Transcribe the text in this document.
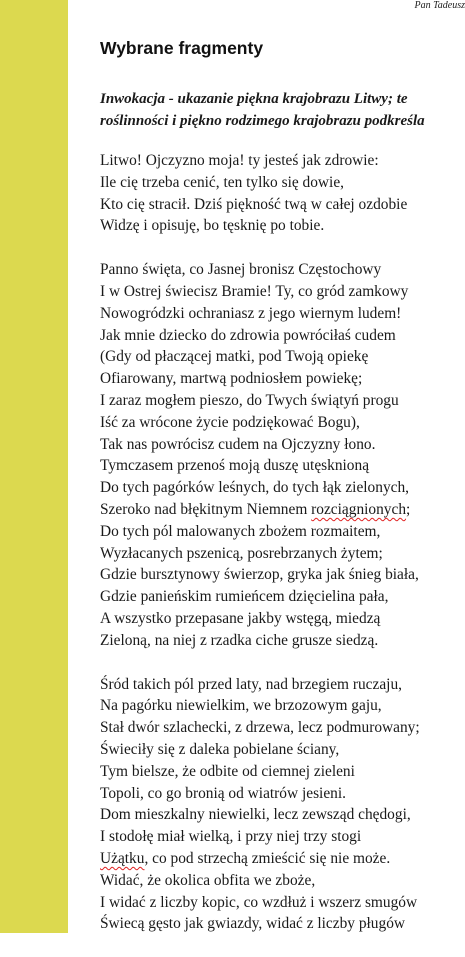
Pan Tadeusz
Wybrane fragmenty
Inwokacja - ukazanie piękna krajobrazu Litwy; te
roślinności i piękno rodzimego krajobrazu podkreśla
Litwo! Ojczyzno moja! ty jesteś jak zdrowie:
Ile cię trzeba cenić, ten tylko się dowie,
Kto cię stracił. Dziś piękność twą w całej ozdobie
Widzę i opisuję, bo tęsknię po tobie.
Panno święta, co Jasnej bronisz Częstochowy
I w Ostrej świecisz Bramie! Ty, co gród zamkowy
Nowogródzki ochraniasz z jego wiernym ludem!
Jak mnie dziecko do zdrowia powróciłaś cudem
(Gdy od płaczącej matki, pod Twoją opiekę
Ofiarowany, martwą podniosłem powiekę;
I zaraz mogłem pieszo, do Twych świątyń progu
Iść za wrócone życie podziękować Bogu),
Tak nas powrócisz cudem na Ojczyzny łono.
Tymczasem przenoś moją duszę utęsknioną
Do tych pagórków leśnych, do tych łąk zielonych,
Szeroko nad błękitnym Niemnem rozciągnionych;
Do tych pól malowanych zbożem rozmaitem,
Wyzłacanych pszenicą, posrebrzanych żytem;
Gdzie bursztynowy świerzop, gryka jak śnieg biała,
Gdzie panieńskim rumieńcem dzięcielina pała,
A wszystko przepasane jakby wstęgą, miedzą
Zieloną, na niej z rzadka ciche grusze siedzą.
Śród takich pól przed laty, nad brzegiem ruczaju,
Na pagórku niewielkim, we brzozowym gaju,
Stał dwór szlachecki, z drzewa, lecz podmurowany;
Świeciły się z daleka pobielane ściany,
Tym bielsze, że odbite od ciemnej zieleni
Topoli, co go bronią od wiatrów jesieni.
Dom mieszkalny niewielki, lecz zewsząd chędogi,
I stodołę miał wielką, i przy niej trzy stogi
Użątku, co pod strzechą zmieścić się nie może.
Widać, że okolica obfita we zboże,
I widać z liczby kopic, co wzdłuż i wszerz smugów
Świecą gęsto jak gwiazdy, widać z liczby pługów
